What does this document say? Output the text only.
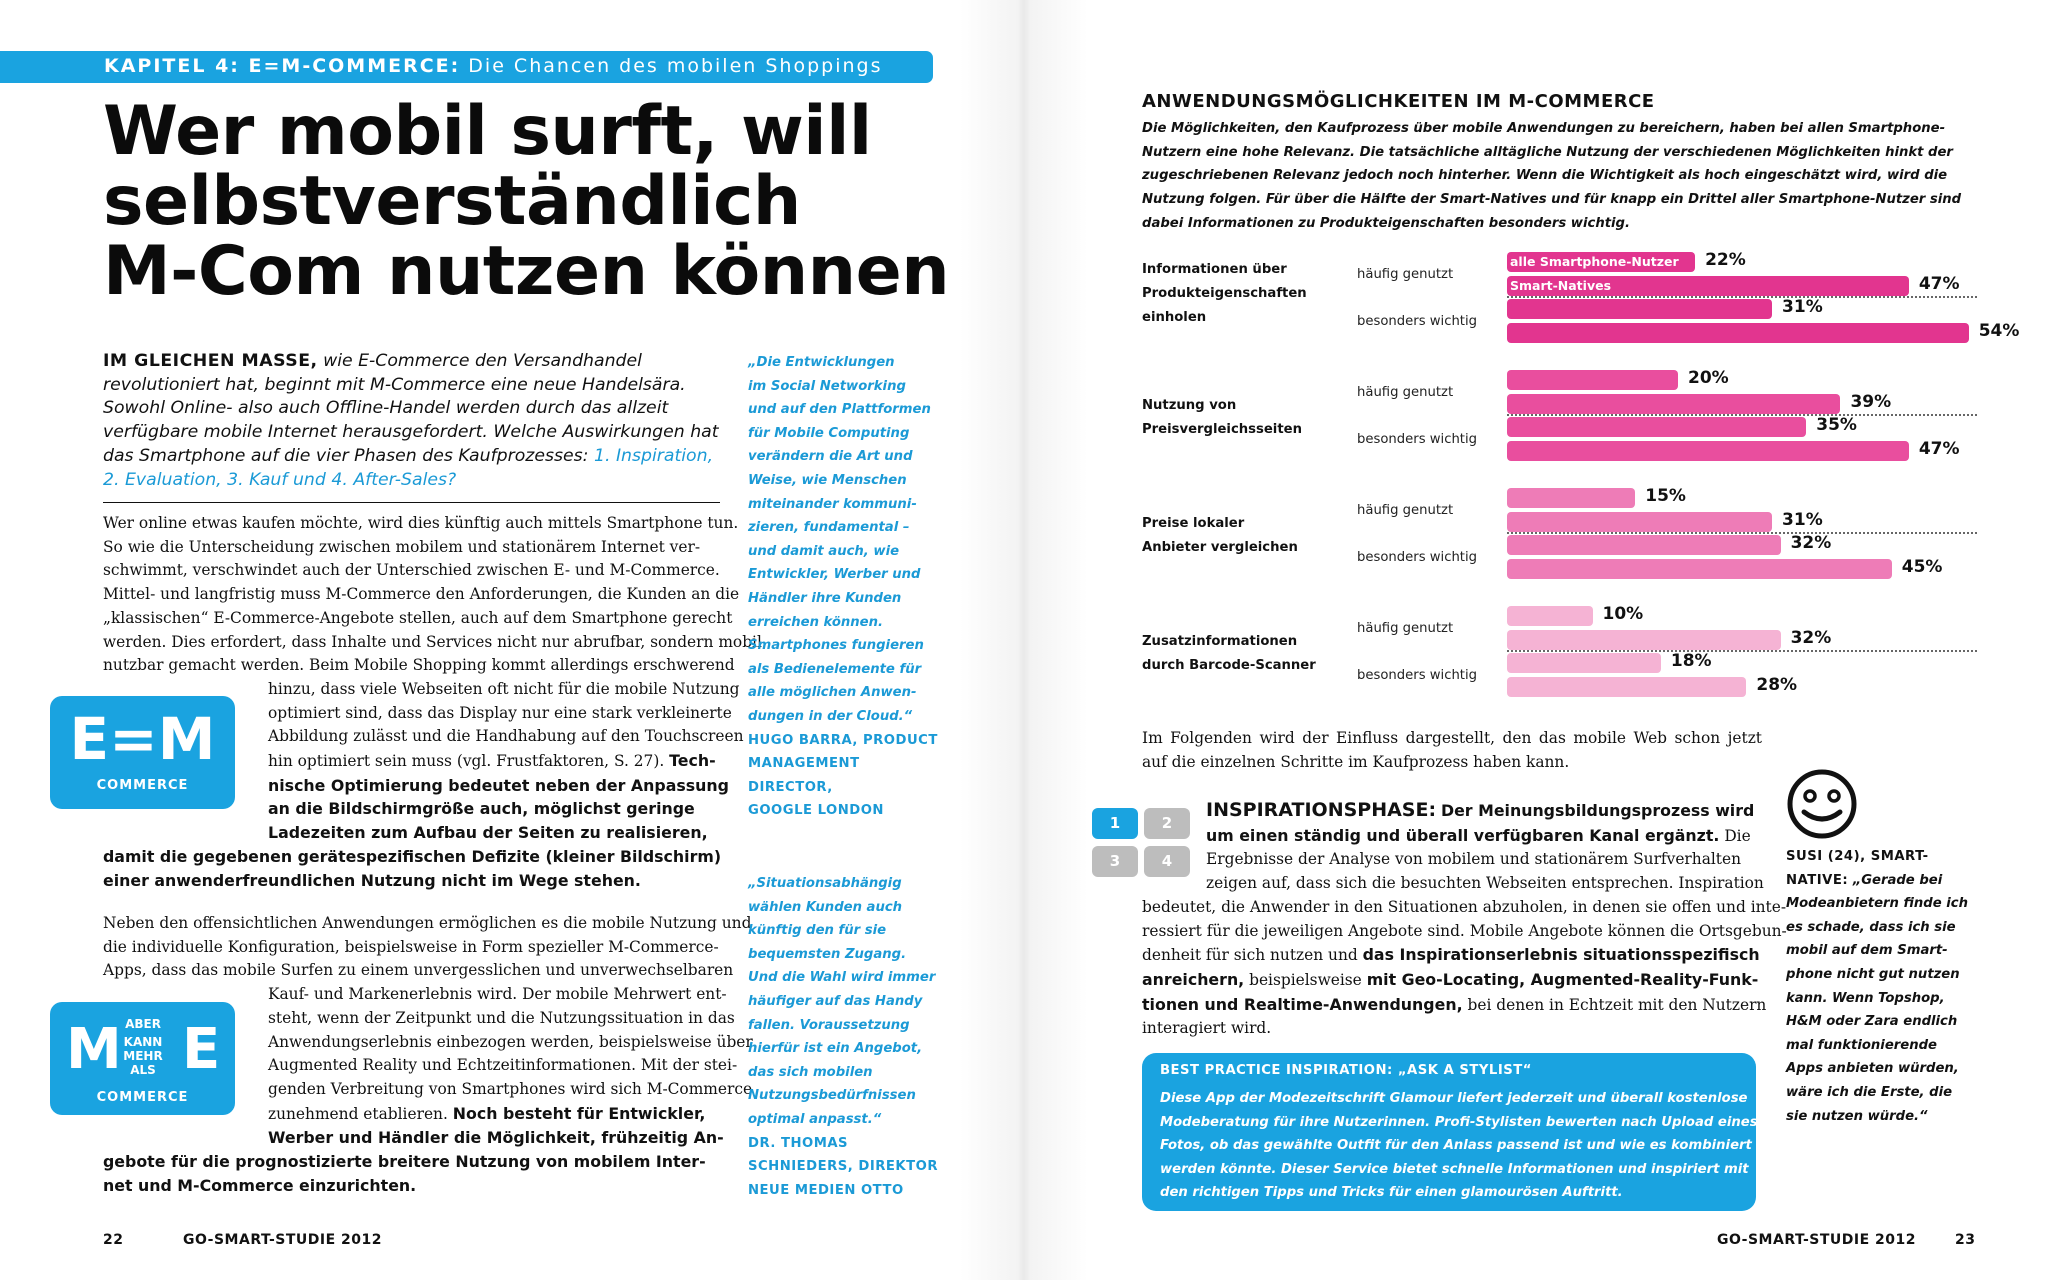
KAPITEL 4: E=M-COMMERCE: Die Chancen des mobilen Shoppings
Wer mobil surft, will
selbstverständlich
M-Com nutzen können
IM GLEICHEN MASSE, wie E-Commerce den Versandhandel revolutioniert hat, beginnt mit M-Commerce eine neue Handelsära. Sowohl Online- also auch Offline-Handel werden durch das allzeit verfügbare mobile Internet herausgefordert. Welche Auswirkungen hat das Smartphone auf die vier Phasen des Kaufprozesses: 1. Inspiration, 2. Evaluation, 3. Kauf und 4. After-Sales?
Wer online etwas kaufen möchte, wird dies künftig auch mittels Smartphone tun.
So wie die Unterscheidung zwischen mobilem und stationärem Internet ver-
schwimmt, verschwindet auch der Unterschied zwischen E- und M-Commerce.
Mittel- und langfristig muss M-Commerce den Anforderungen, die Kunden an die
„klassischen“ E-Commerce-Angebote stellen, auch auf dem Smartphone gerecht
werden. Dies erfordert, dass Inhalte und Services nicht nur abrufbar, sondern mobil
nutzbar gemacht werden. Beim Mobile Shopping kommt allerdings erschwerend
hinzu, dass viele Webseiten oft nicht für die mobile Nutzung
optimiert sind, dass das Display nur eine stark verkleinerte
Abbildung zulässt und die Handhabung auf den Touchscreen
hin optimiert sein muss (vgl. Frustfaktoren, S. 27). Tech-
nische Optimierung bedeutet neben der Anpassung
an die Bildschirmgröße auch, möglichst geringe
Ladezeiten zum Aufbau der Seiten zu realisieren,
damit die gegebenen gerätespezifischen Defizite (kleiner Bildschirm)
einer anwenderfreundlichen Nutzung nicht im Wege stehen.
E=M
COMMERCE
Neben den offensichtlichen Anwendungen ermöglichen es die mobile Nutzung und
die individuelle Konfiguration, beispielsweise in Form spezieller M-Commerce-
Apps, dass das mobile Surfen zu einem unvergesslichen und unverwechselbaren
Kauf- und Markenerlebnis wird. Der mobile Mehrwert ent-
steht, wenn der Zeitpunkt und die Nutzungssituation in das
Anwendungserlebnis einbezogen werden, beispielsweise über
Augmented Reality und Echtzeitinformationen. Mit der stei-
genden Verbreitung von Smartphones wird sich M-Commerce
zunehmend etablieren. Noch besteht für Entwickler,
Werber und Händler die Möglichkeit, frühzeitig An-
gebote für die prognostizierte breitere Nutzung von mobilem Inter-
net und M-Commerce einzurichten.
M E
ABER
KANN
MEHR
ALS
COMMERCE
„Die Entwicklungen
im Social Networking
und auf den Plattformen
für Mobile Computing
verändern die Art und
Weise, wie Menschen
miteinander kommuni-
zieren, fundamental –
und damit auch, wie
Entwickler, Werber und
Händler ihre Kunden
erreichen können.
Smartphones fungieren
als Bedienelemente für
alle möglichen Anwen-
dungen in der Cloud.“
HUGO BARRA, PRODUCT
MANAGEMENT DIRECTOR,
GOOGLE LONDON
„Situationsabhängig
wählen Kunden auch
künftig den für sie
bequemsten Zugang.
Und die Wahl wird immer
häufiger auf das Handy
fallen. Voraussetzung
hierfür ist ein Angebot,
das sich mobilen
Nutzungsbedürfnissen
optimal anpasst.“
DR. THOMAS
SCHNIEDERS, DIREKTOR
NEUE MEDIEN OTTO
22	GO-SMART-STUDIE 2012
ANWENDUNGSMÖGLICHKEITEN IM M-COMMERCE
Die Möglichkeiten, den Kaufprozess über mobile Anwendungen zu bereichern, haben bei allen Smartphone-Nutzern eine hohe Relevanz. Die tatsächliche alltägliche Nutzung der verschiedenen Möglichkeiten hinkt der zugeschriebenen Relevanz jedoch noch hinterher. Wenn die Wichtigkeit als hoch eingeschätzt wird, wird die Nutzung folgen. Für über die Hälfte der Smart-Natives und für knapp ein Drittel aller Smartphone-Nutzer sind dabei Informationen zu Produkteigenschaften besonders wichtig.
Informationen über
Produkteigenschaften
einholen
häufig genutzt
besonders wichtig
22%
alle Smartphone-Nutzer
47%
Smart-Natives
31%
54%
Nutzung von
Preisvergleichsseiten
häufig genutzt
besonders wichtig
20%
39%
35%
47%
Preise lokaler
Anbieter vergleichen
häufig genutzt
besonders wichtig
15%
31%
32%
45%
Zusatzinformationen
durch Barcode-Scanner
häufig genutzt
besonders wichtig
10%
32%
18%
28%
Im Folgenden wird der Einfluss dargestellt, den das mobile Web schon jetzt auf die einzelnen Schritte im Kaufprozess haben kann.
1	2
3	4
INSPIRATIONSPHASE: Der Meinungsbildungsprozess wird
um einen ständig und überall verfügbaren Kanal ergänzt. Die
Ergebnisse der Analyse von mobilem und stationärem Surfverhalten
zeigen auf, dass sich die besuchten Webseiten entsprechen. Inspiration
bedeutet, die Anwender in den Situationen abzuholen, in denen sie offen und inte-
ressiert für die jeweiligen Angebote sind. Mobile Angebote können die Ortsgebun-
denheit für sich nutzen und das Inspirationserlebnis situationsspezifisch
anreichern, beispielsweise mit Geo-Locating, Augmented-Reality-Funk-
tionen und Realtime-Anwendungen, bei denen in Echtzeit mit den Nutzern
interagiert wird.
BEST PRACTICE INSPIRATION: „ASK A STYLIST“
Diese App der Modezeitschrift Glamour liefert jederzeit und überall kostenlose
Modeberatung für ihre Nutzerinnen. Profi-Stylisten bewerten nach Upload eines
Fotos, ob das gewählte Outfit für den Anlass passend ist und wie es kombiniert
werden könnte. Dieser Service bietet schnelle Informationen und inspiriert mit
den richtigen Tipps und Tricks für einen glamourösen Auftritt.
SUSI (24), SMART-
NATIVE: „Gerade bei
Modeanbietern finde ich
es schade, dass ich sie
mobil auf dem Smart-
phone nicht gut nutzen
kann. Wenn Topshop,
H&M oder Zara endlich
mal funktionierende
Apps anbieten würden,
wäre ich die Erste, die
sie nutzen würde.“
GO-SMART-STUDIE 2012	23
